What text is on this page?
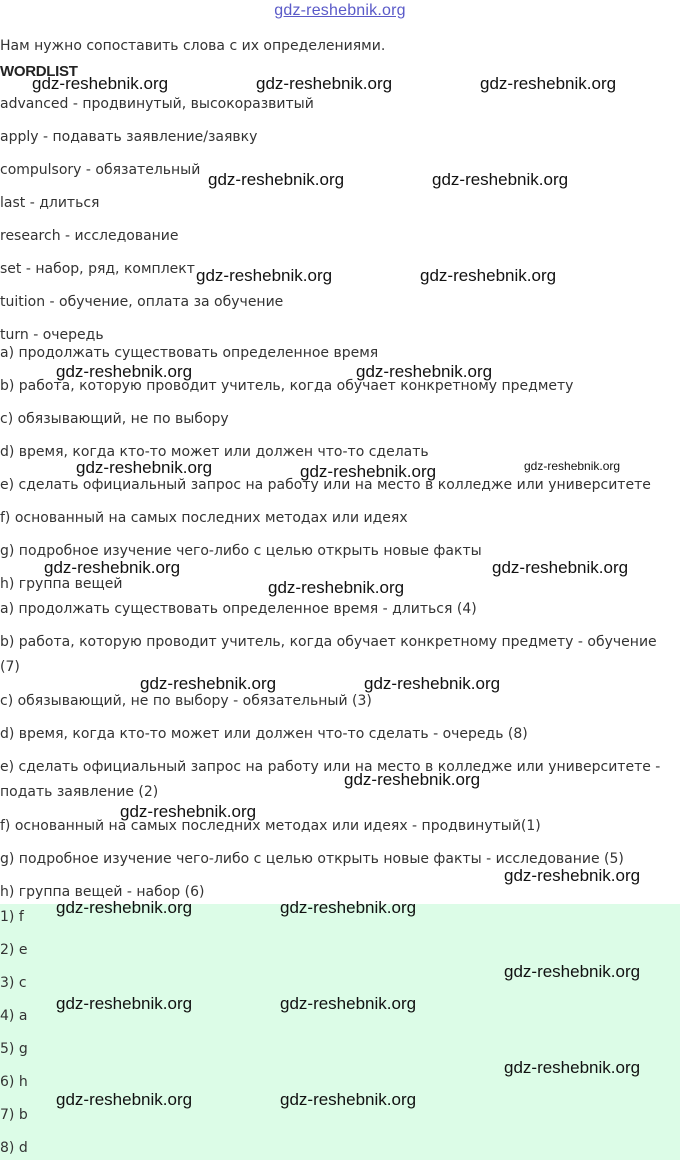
gdz-reshebnik.org
Нам нужно сопоставить слова с их определениями.
WORDLIST
advanced - продвинутый, высокоразвитый
apply - подавать заявление/заявку
compulsory - обязательный
last - длиться
research - исследование
set - набор, ряд, комплект
tuition - обучение, оплата за обучение
turn - очередь
a) продолжать существовать определенное время
b) работа, которую проводит учитель, когда обучает конкретному предмету
c) обязывающий, не по выбору
d) время, когда кто-то может или должен что-то сделать
e) сделать официальный запрос на работу или на место в колледже или университете
f) основанный на самых последних методах или идеях
g) подробное изучение чего-либо с целью открыть новые факты
h) группа вещей
a) продолжать существовать определенное время - длиться (4)
b) работа, которую проводит учитель, когда обучает конкретному предмету - обучение (7)
c) обязывающий, не по выбору - обязательный (3)
d) время, когда кто-то может или должен что-то сделать - очередь (8)
e) сделать официальный запрос на работу или на место в колледже или университете - подать заявление (2)
f) основанный на самых последних методах или идеях - продвинутый(1)
g) подробное изучение чего-либо с целью открыть новые факты - исследование (5)
h) группа вещей - набор (6)
1) f
2) e
3) c
4) a
5) g
6) h
7) b
8) d
gdz-reshebnik.org	gdz-reshebnik.org	gdz-reshebnik.org
gdz-reshebnik.org	gdz-reshebnik.org
gdz-reshebnik.org	gdz-reshebnik.org
gdz-reshebnik.org	gdz-reshebnik.org
gdz-reshebnik.org	gdz-reshebnik.org	gdz-reshebnik.org
gdz-reshebnik.org	gdz-reshebnik.org
gdz-reshebnik.org
gdz-reshebnik.org	gdz-reshebnik.org
gdz-reshebnik.org
gdz-reshebnik.org
gdz-reshebnik.org
gdz-reshebnik.org	gdz-reshebnik.org
gdz-reshebnik.org
gdz-reshebnik.org	gdz-reshebnik.org
gdz-reshebnik.org
gdz-reshebnik.org	gdz-reshebnik.org
